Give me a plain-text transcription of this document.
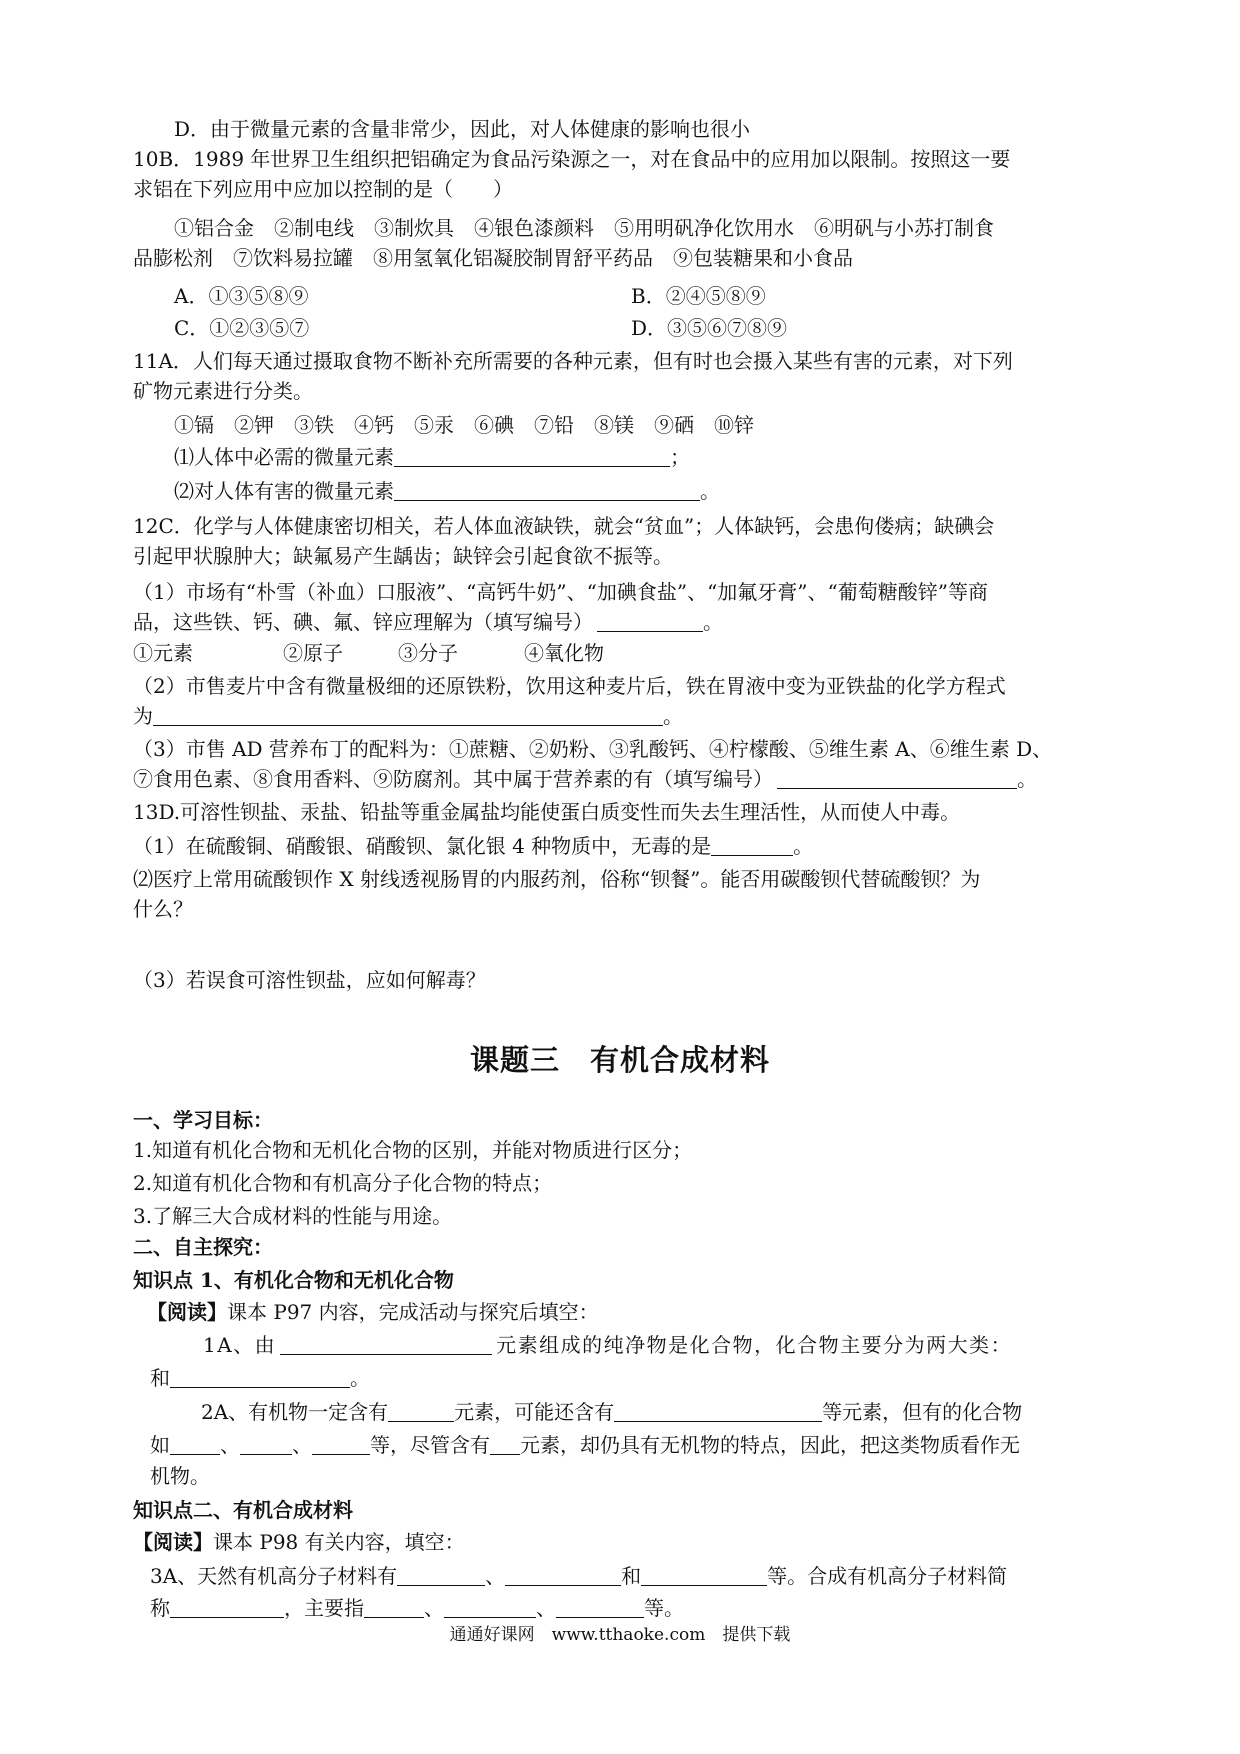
D．由于微量元素的含量非常少，因此，对人体健康的影响也很小
10B．1989 年世界卫生组织把铝确定为食品污染源之一，对在食品中的应用加以限制。按照这一要
求铝在下列应用中应加以控制的是（　　）
①铝合金　②制电线　③制炊具　④银色漆颜料　⑤用明矾净化饮用水　⑥明矾与小苏打制食
品膨松剂　⑦饮料易拉罐　⑧用氢氧化铝凝胶制胃舒平药品　⑨包装糖果和小食品
A．①③⑤⑧⑨	B．②④⑤⑧⑨
C．①②③⑤⑦	D．③⑤⑥⑦⑧⑨
11A．人们每天通过摄取食物不断补充所需要的各种元素，但有时也会摄入某些有害的元素，对下列
矿物元素进行分类。
①镉　②钾　③铁　④钙　⑤汞　⑥碘　⑦铅　⑧镁　⑨硒　⑩锌
⑴人体中必需的微量元素	；
⑵对人体有害的微量元素	。
12C．化学与人体健康密切相关，若人体血液缺铁，就会“贫血”；人体缺钙，会患佝偻病；缺碘会
引起甲状腺肿大；缺氟易产生龋齿；缺锌会引起食欲不振等。
（1）市场有“朴雪（补血）口服液”、“高钙牛奶”、“加碘食盐”、“加氟牙膏”、“葡萄糖酸锌”等商
品，这些铁、钙、碘、氟、锌应理解为（填写编号）	。
①元素	②原子	③分子	④氧化物
（2）市售麦片中含有微量极细的还原铁粉，饮用这种麦片后，铁在胃液中变为亚铁盐的化学方程式
为	。
（3）市售 AD 营养布丁的配料为：①蔗糖、②奶粉、③乳酸钙、④柠檬酸、⑤维生素 A、⑥维生素 D、
⑦食用色素、⑧食用香料、⑨防腐剂。其中属于营养素的有（填写编号）	。
13D.可溶性钡盐、汞盐、铅盐等重金属盐均能使蛋白质变性而失去生理活性，从而使人中毒。
（1）在硫酸铜、硝酸银、硝酸钡、氯化银 4 种物质中，无毒的是	。
⑵医疗上常用硫酸钡作 X 射线透视肠胃的内服药剂，俗称“钡餐”。能否用碳酸钡代替硫酸钡？为
什么？
（3）若误食可溶性钡盐，应如何解毒？
课题三　有机合成材料
一、学习目标：
1.知道有机化合物和无机化合物的区别，并能对物质进行区分；
2.知道有机化合物和有机高分子化合物的特点；
3.了解三大合成材料的性能与用途。
二、自主探究：
知识点 1、有机化合物和无机化合物
【阅读】课本 P97 内容，完成活动与探究后填空：
1A、由	元素组成的纯净物是化合物，化合物主要分为两大类：
和	。
2A、有机物一定含有	元素，可能还含有	等元素，但有的化合物
如	、	、	等，尽管含有 元素，却仍具有无机物的特点，因此，把这类物质看作无
机物。
知识点二、有机合成材料
【阅读】课本 P98 有关内容，填空：
3A、天然有机高分子材料有	、	和	等。合成有机高分子材料简
称	，主要指	、	、	等。
通通好课网　www.tthaoke.com　提供下载
